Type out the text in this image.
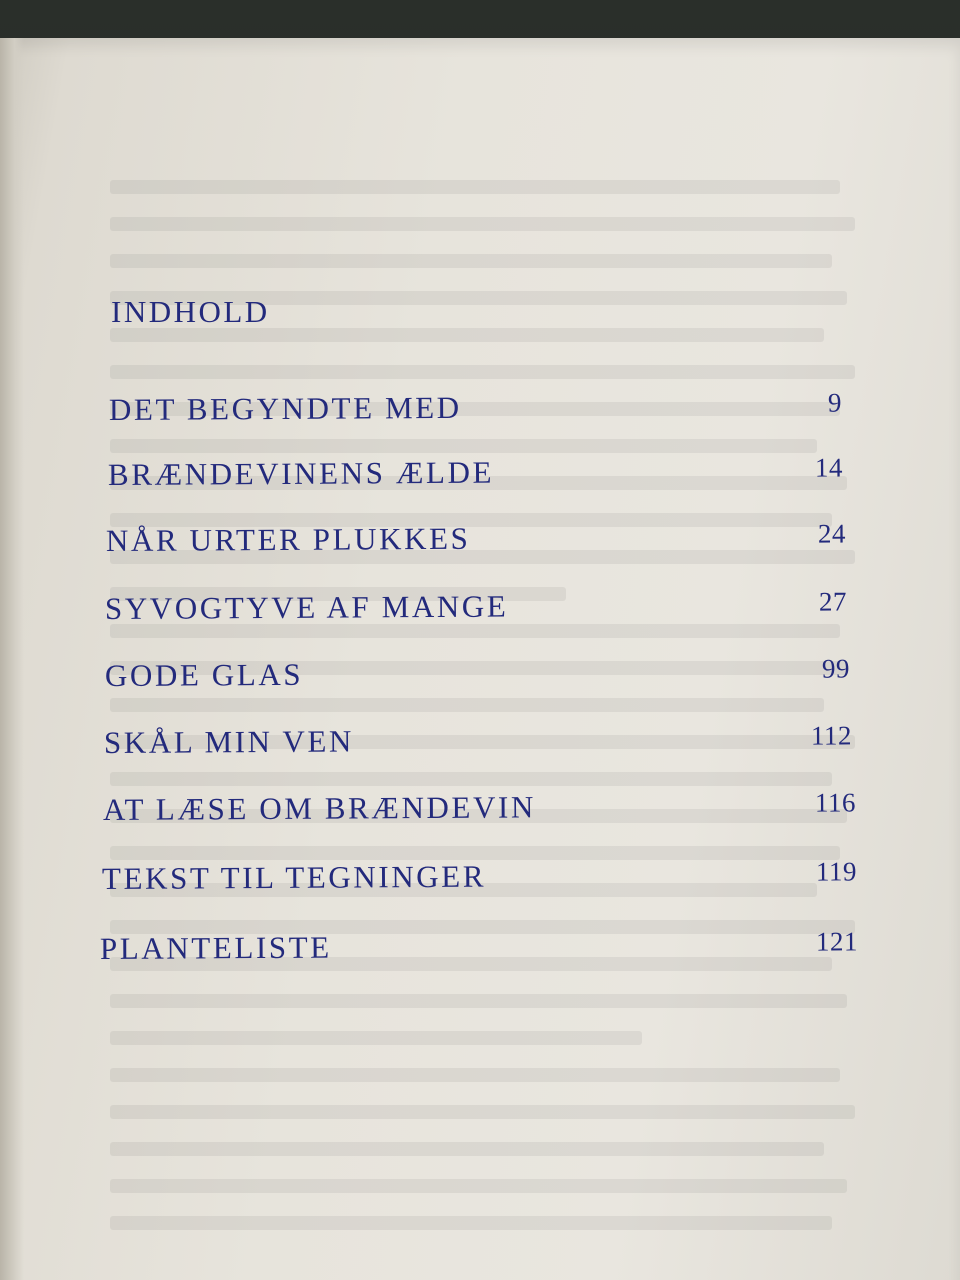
INDHOLD
DET BEGYNDTE MED	9
BRÆNDEVINENS ÆLDE	14
NÅR URTER PLUKKES	24
SYVOGTYVE AF MANGE	27
GODE GLAS	99
SKÅL MIN VEN	112
AT LÆSE OM BRÆNDEVIN	116
TEKST TIL TEGNINGER	119
PLANTELISTE	121
